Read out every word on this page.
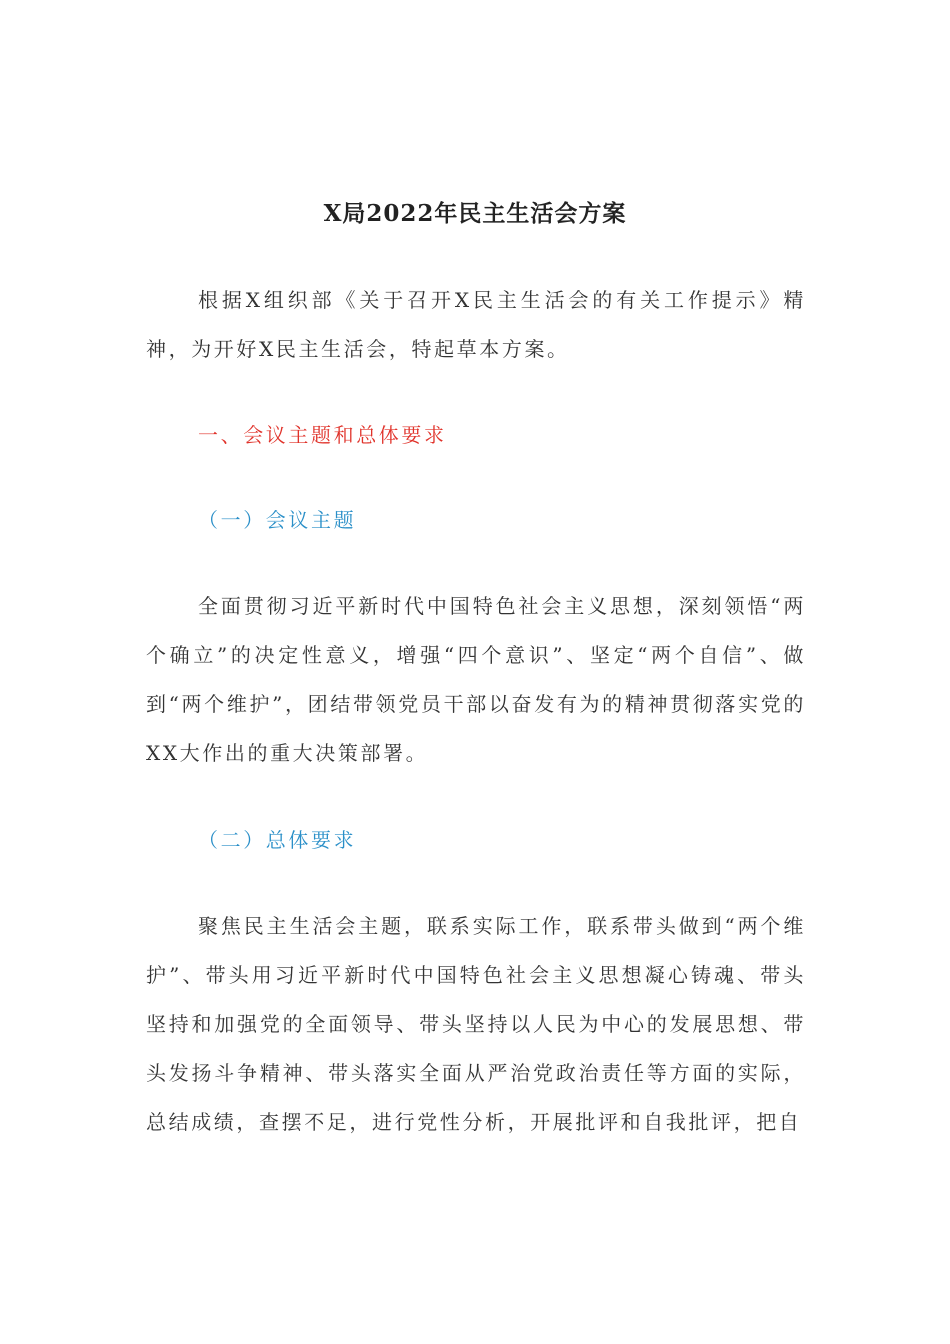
X局2022年民主生活会方案

根据X组织部《关于召开X民主生活会的有关工作提示》精神，为开好X民主生活会，特起草本方案。

一、会议主题和总体要求
（一）会议主题

全面贯彻习近平新时代中国特色社会主义思想，深刻领悟“两个确立”的决定性意义，增强“四个意识”、坚定“两个自信”、做到“两个维护”，团结带领党员干部以奋发有为的精神贯彻落实党的XX大作出的重大决策部署。

（二）总体要求

聚焦民主生活会主题，联系实际工作，联系带头做到“两个维护”、带头用习近平新时代中国特色社会主义思想凝心铸魂、带头坚持和加强党的全面领导、带头坚持以人民为中心的发展思想、带头发扬斗争精神、带头落实全面从严治党政治责任等方面的实际，总结成绩，查摆不足，进行党性分析，开展批评和自我批评，把自
